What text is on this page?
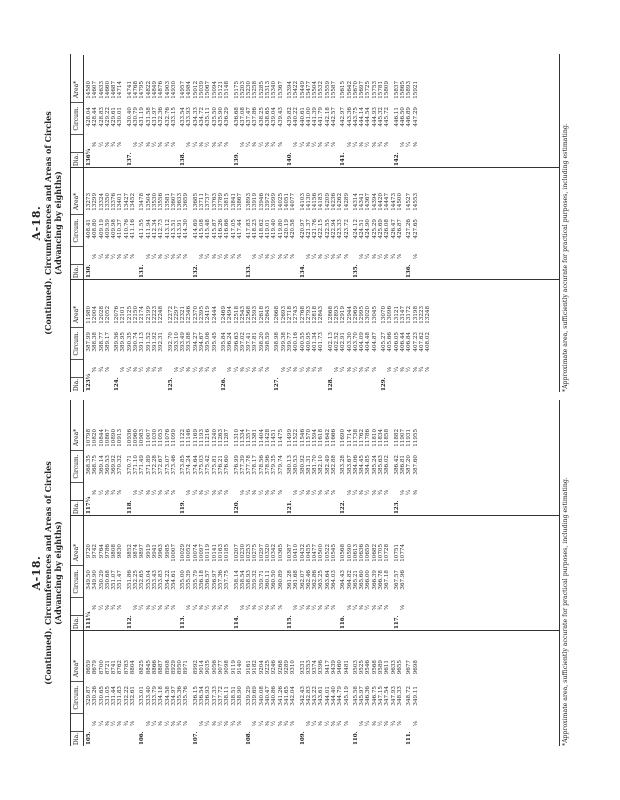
A-18. (Continued). Circumferences and Areas of Circles (Advancing by eighths)
Dia.
Circum.
Area*
105.
⅛ ¼ ⅜ ½ ⅝ ¾ ⅞
329.87 330.26 330.65 331.05 331.44 331.83 332.22 332.61
8659 8679 8700 8721 8741 8762 8783 8804
106.
⅛ ¼ ⅜ ½ ⅝ ¾ ⅞
333.01 333.40 333.79 334.18 334.58 334.97 335.36 335.76
8825 8845 8866 8887 8908 8929 8950 8971
107.
⅛ ¼ ⅜ ½ ⅝ ¾ ⅞
336.15 336.54 336.93 337.33 337.72 338.11 338.51 338.90
8992 9014 9035 9056 9077 9098 9119 9140
108.
⅛ ¼ ⅜ ½ ⅝ ¾ ⅞
339.29 339.69 340.08 340.47 340.86 341.26 341.65 342.04
9161 9182 9204 9225 9246 9268 9289 9310
109.
⅛ ¼ ⅜ ½ ⅝ ¾ ⅞
342.43 342.83 343.22 343.61 344.01 344.40 344.79 345.19
9331 9353 9374 9396 9417 9439 9460 9481
110.
⅛ ¼ ⅜ ½ ⅝ ¾ ⅞
345.58 345.97 346.36 346.75 347.15 347.54 347.93 348.33
9503 9525 9546 9568 9589 9611 9633 9655
111.
⅛
348.72 349.11
9677 9698
Dia.
Circum.
Area*
111¼
⅜ ½ ⅝ ¾ ⅞
349.50 349.90 350.29 350.68 351.07 351.47
9720 9742 9764 9786 9808 9830
112.
⅛ ¼ ⅜ ½ ⅝ ¾ ⅞
351.86 352.25 352.65 353.04 353.43 353.83 354.22 354.61
9852 9874 9897 9919 9941 9963 9985 10007
113.
⅛ ¼ ⅜ ½ ⅝ ¾ ⅞
355.00 355.39 355.79 356.18 356.57 356.97 357.36 357.75
10029 10052 10074 10097 10119 10141 10163 10185
114.
⅛ ¼ ⅜ ½ ⅝ ¾ ⅞
358.14 358.54 358.93 359.32 359.71 360.11 360.50 360.89
10207 10230 10253 10275 10297 10320 10342 10365
115.
⅛ ¼ ⅜ ½ ⅝ ¾ ⅞
361.28 361.68 362.07 362.46 362.86 363.25 363.64 364.03
10387 10410 10432 10455 10477 10500 10522 10545
116.
⅛ ¼ ⅜ ½ ⅝ ¾ ⅞
364.43 364.82 365.21 365.60 366.00 366.39 366.78 367.18
10568 10590 10613 10636 10659 10682 10705 10728
117.
⅛
367.57 367.96
10751 10774
Dia.
Circum.
Area*
117¼
⅜ ½ ⅝ ¾ ⅞
368.35 368.75 369.14 369.53 369.92 370.32
10798 10820 10844 10867 10890 10913
118.
⅛ ¼ ⅜ ½ ⅝ ¾ ⅞
370.71 371.10 371.49 371.89 372.28 372.67 373.07 373.46
10936 10960 10983 11007 11030 11053 11076 11099
119.
⅛ ¼ ⅜ ½ ⅝ ¾ ⅞
373.85 374.24 374.64 375.03 375.42 375.81 376.21 376.60
11122 11146 11169 11193 11216 11240 11263 11287
120.
⅛ ¼ ⅜ ½ ⅝ ¾ ⅞
376.99 377.39 377.78 378.17 378.56 378.96 379.35 379.74
11310 11334 11357 11381 11404 11428 11451 11475
121.
⅛ ¼ ⅜ ½ ⅝ ¾ ⅞
380.13 380.53 380.92 381.31 381.70 382.10 382.49 382.88
11499 11522 11546 11570 11594 11618 11642 11666
122.
⅛ ¼ ⅜ ½ ⅝ ¾ ⅞
383.28 383.67 384.06 384.45 384.85 385.24 385.63 386.02
11690 11714 11738 11762 11786 11810 11834 11858
123.
⅛ ¼ ⅜
386.42 386.81 387.20 387.60
11882 11907 11931 11955
*Approximate area, sufficiently accurate for practical purposes, including estimating.
A-18. (Continued). Circumferences and Areas of Circles (Advancing by eighths)
Dia.
Circum.
Area*
123½
⅝ ¾ ⅞
387.99 388.38 388.77 389.17
11980 12004 12028 12052
124.
⅛ ¼ ⅜ ½ ⅝ ¾ ⅞
389.56 389.95 390.35 390.74 391.13 391.52 391.92 392.31
12076 12101 12125 12150 12174 12199 12223 12248
125.
⅛ ¼ ⅜ ½ ⅝ ¾ ⅞
392.70 393.10 393.49 393.88 394.27 394.67 395.06 395.45
12272 12297 12321 12346 12370 12395 12419 12444
126.
⅛ ¼ ⅜ ½ ⅝ ¾ ⅞
395.84 396.24 396.63 397.02 397.41 397.81 398.20 398.59
12469 12494 12518 12543 12568 12593 12618 12643
127.
⅛ ¼ ⅜ ½ ⅝ ¾ ⅞
398.98 399.38 399.77 400.16 400.55 400.95 401.34 401.73
12668 12693 12718 12743 12768 12793 12818 12843
128.
⅛ ¼ ⅜ ½ ⅝ ¾ ⅞
402.13 402.52 402.91 403.30 403.70 404.09 404.48 404.87
12868 12893 12919 12944 12969 12995 13020 13045
129.
⅛ ¼ ⅜ ½ ⅝ ¾ ⅞
405.27 405.66 406.05 406.44 406.84 407.23 407.62 408.02
13070 13096 13121 13147 13172 13198 13223 13248
Dia.
Circum.
Area*
130.
⅛ ¼ ⅜ ½ ⅝ ¾ ⅞
408.41 408.80 409.19 409.59 409.98 410.37 410.76 411.16
13273 13299 13324 13350 13376 13401 13427 13452
131.
⅛ ¼ ⅜ ½ ⅝ ¾ ⅞
411.55 411.94 412.34 412.73 413.12 413.51 413.91 414.30
13478 13504 13530 13556 13581 13607 13633 13659
132.
⅛ ¼ ⅜ ½ ⅝ ¾ ⅞
414.69 415.08 415.48 415.87 416.26 416.66 417.05 417.44
13685 13711 13737 13763 13789 13815 13841 13867
133.
⅛ ¼ ⅜ ½ ⅝ ¾ ⅞
417.83 418.23 418.62 419.01 419.40 419.80 420.19 420.58
13893 13919 13946 13972 13999 14025 14051 14077
134.
⅛ ¼ ⅜ ½ ⅝ ¾ ⅞
420.97 421.37 421.76 422.15 422.55 422.94 423.33 423.72
14103 14130 14156 14183 14209 14236 14262 14289
135.
⅛ ¼ ⅜ ½ ⅝ ¾ ⅞
424.12 424.51 424.90 425.29 425.69 426.08 426.47 426.87
14314 14341 14367 14394 14420 14447 14473 14500
136.
⅛
427.26 427.65
14527 14553
Dia.
Circum.
Area*
136¼
⅜ ½ ⅝ ¾ ⅞
428.04 428.44 428.83 429.22 429.61 430.01
14580 14607 14633 14660 14687 14714
137.
⅛ ¼ ⅜ ½ ⅝ ¾ ⅞
430.40 430.79 431.19 431.58 431.97 432.36 432.76 433.15
14741 14768 14795 14822 14849 14876 14903 14930
138.
⅛ ¼ ⅜ ½ ⅝ ¾ ⅞
433.54 433.93 434.33 434.72 435.11 435.50 435.90 436.29
14957 14984 15012 15039 15067 15094 15121 15148
139.
⅛ ¼ ⅜ ½ ⅝ ¾ ⅞
436.68 437.08 437.47 437.86 438.25 438.65 439.04 439.43
15175 15203 15230 15258 15285 15313 15340 15367
140.
⅛ ¼ ⅜ ½ ⅝ ¾ ⅞
439.82 440.22 440.61 441.00 441.39 441.79 442.18 442.57
15394 15422 15449 15477 15504 15532 15559 15587
141.
⅛ ¼ ⅜ ½ ⅝ ¾ ⅞
442.97 443.36 443.75 444.14 444.54 444.93 445.32 445.72
15615 15642 15670 15697 15725 15753 15781 15809
142.
⅛ ¼ ⅜
446.11 446.50 446.89 447.29
15837 15865 15893 15921
*Approximate area, sufficiently accurate for practical purposes, including estimating.
